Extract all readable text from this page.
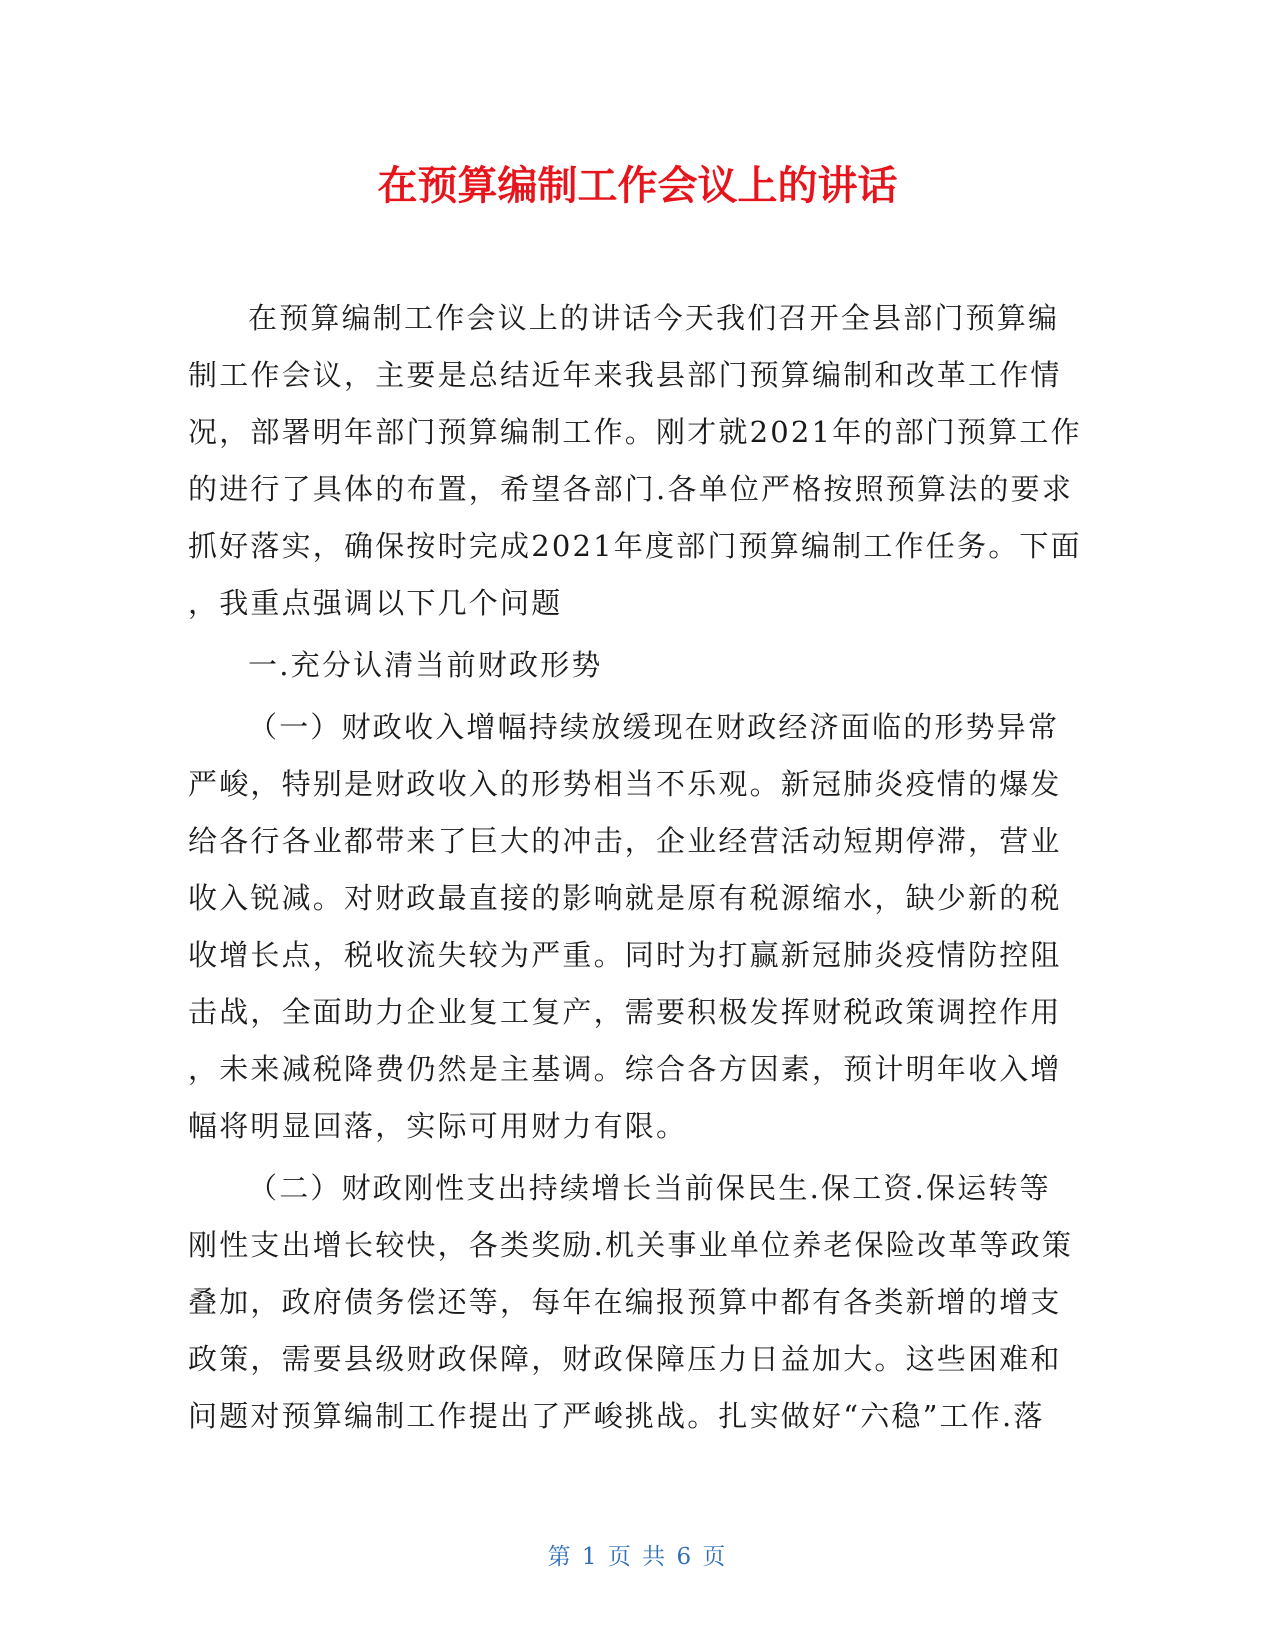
在预算编制工作会议上的讲话
在预算编制工作会议上的讲话今天我们召开全县部门预算编
制工作会议，主要是总结近年来我县部门预算编制和改革工作情
况，部署明年部门预算编制工作。刚才就2021年的部门预算工作
的进行了具体的布置，希望各部门.各单位严格按照预算法的要求
抓好落实，确保按时完成2021年度部门预算编制工作任务。下面
，我重点强调以下几个问题
一.充分认清当前财政形势
（一）财政收入增幅持续放缓现在财政经济面临的形势异常
严峻，特别是财政收入的形势相当不乐观。新冠肺炎疫情的爆发
给各行各业都带来了巨大的冲击，企业经营活动短期停滞，营业
收入锐减。对财政最直接的影响就是原有税源缩水，缺少新的税
收增长点，税收流失较为严重。同时为打赢新冠肺炎疫情防控阻
击战，全面助力企业复工复产，需要积极发挥财税政策调控作用
，未来减税降费仍然是主基调。综合各方因素，预计明年收入增
幅将明显回落，实际可用财力有限。
（二）财政刚性支出持续增长当前保民生.保工资.保运转等
刚性支出增长较快，各类奖励.机关事业单位养老保险改革等政策
叠加，政府债务偿还等，每年在编报预算中都有各类新增的增支
政策，需要县级财政保障，财政保障压力日益加大。这些困难和
问题对预算编制工作提出了严峻挑战。扎实做好“六稳”工作.落
第 1 页 共 6 页
